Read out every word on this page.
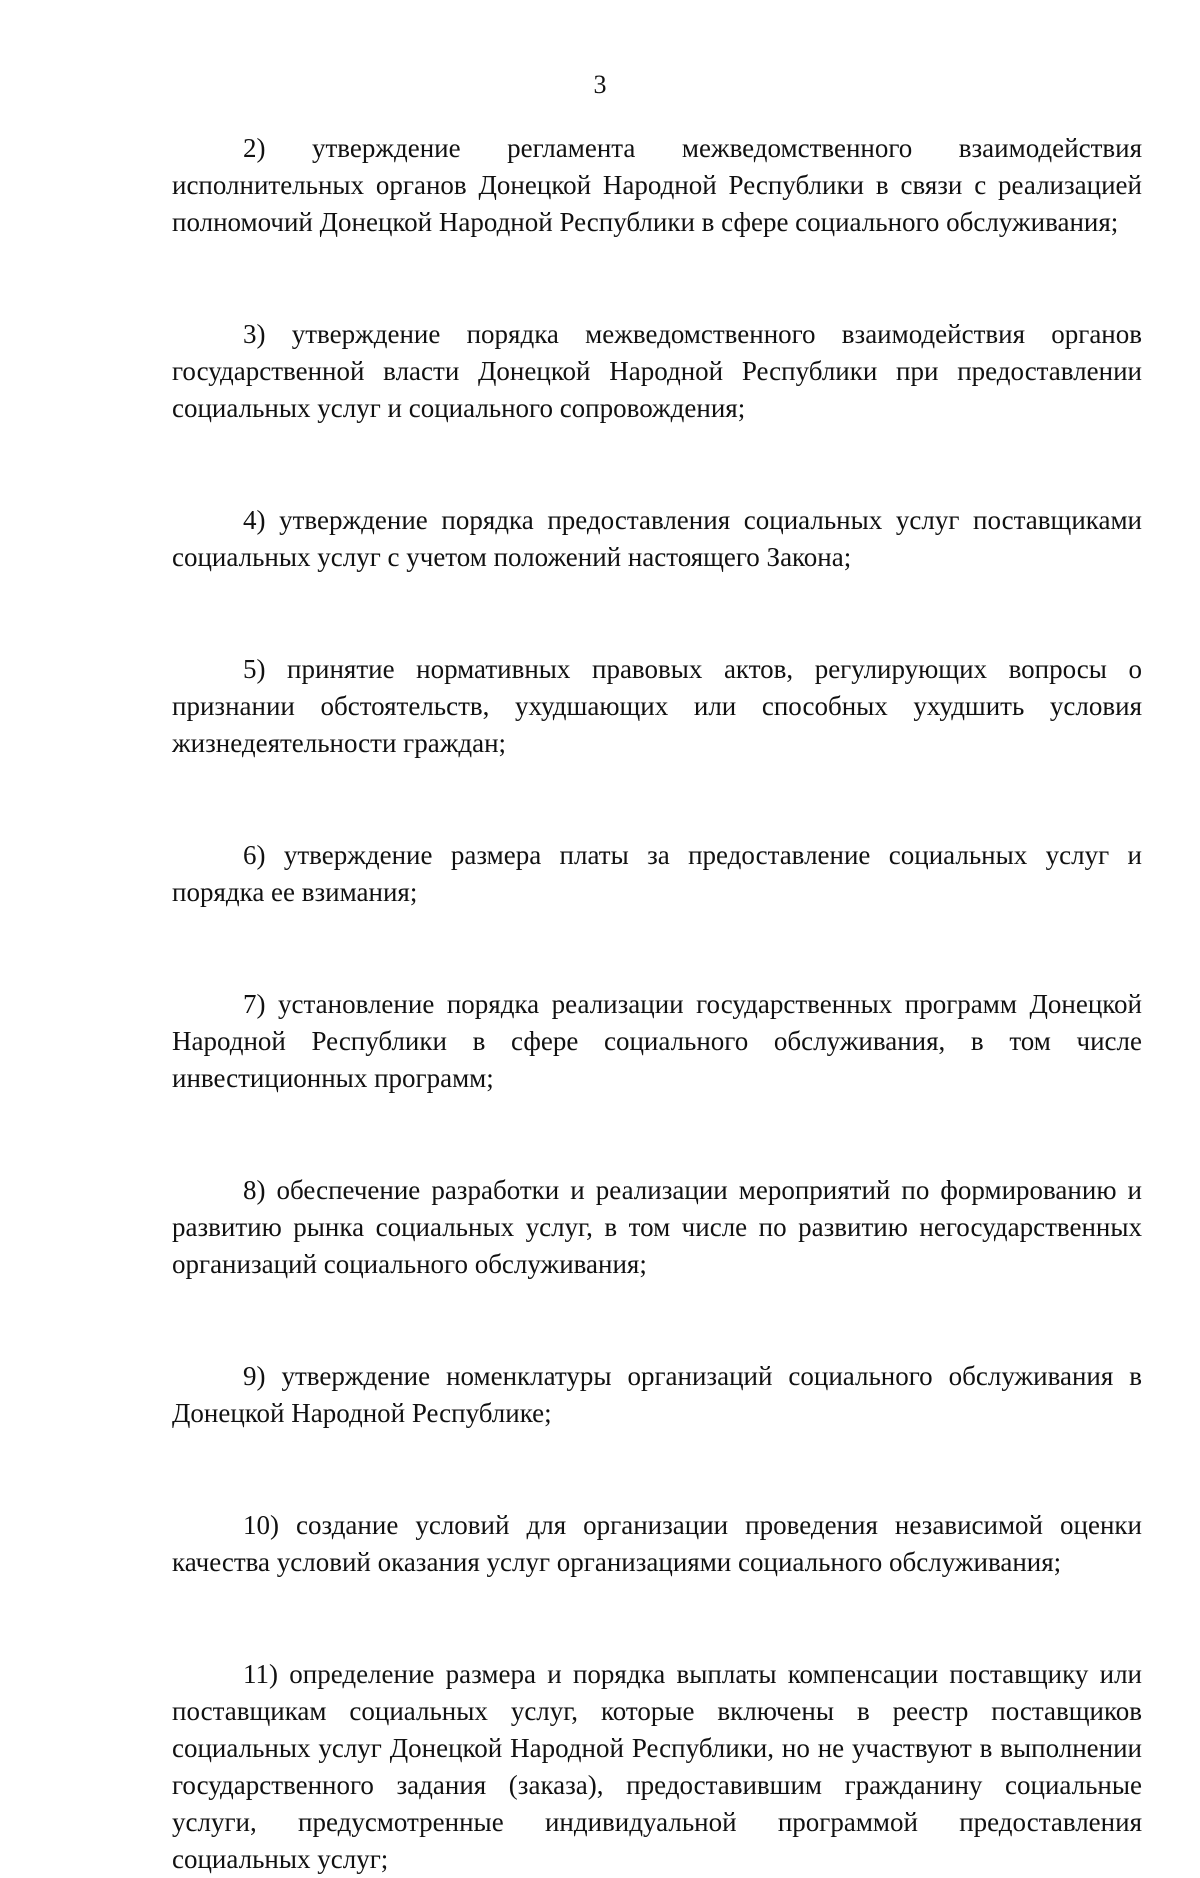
3

2) утверждение регламента межведомственного взаимодействия исполнительных органов Донецкой Народной Республики в связи с реализацией полномочий Донецкой Народной Республики в сфере социального обслуживания;

3) утверждение порядка межведомственного взаимодействия органов государственной власти Донецкой Народной Республики при предоставлении социальных услуг и социального сопровождения;

4) утверждение порядка предоставления социальных услуг поставщиками социальных услуг с учетом положений настоящего Закона;

5) принятие нормативных правовых актов, регулирующих вопросы о признании обстоятельств, ухудшающих или способных ухудшить условия жизнедеятельности граждан;

6) утверждение размера платы за предоставление социальных услуг и порядка ее взимания;

7) установление порядка реализации государственных программ Донецкой Народной Республики в сфере социального обслуживания, в том числе инвестиционных программ;

8) обеспечение разработки и реализации мероприятий по формированию и развитию рынка социальных услуг, в том числе по развитию негосударственных организаций социального обслуживания;

9) утверждение номенклатуры организаций социального обслуживания в Донецкой Народной Республике;

10) создание условий для организации проведения независимой оценки качества условий оказания услуг организациями социального обслуживания;

11) определение размера и порядка выплаты компенсации поставщику или поставщикам социальных услуг, которые включены в реестр поставщиков социальных услуг Донецкой Народной Республики, но не участвуют в выполнении государственного задания (заказа), предоставившим гражданину социальные услуги, предусмотренные индивидуальной программой предоставления социальных услуг;
